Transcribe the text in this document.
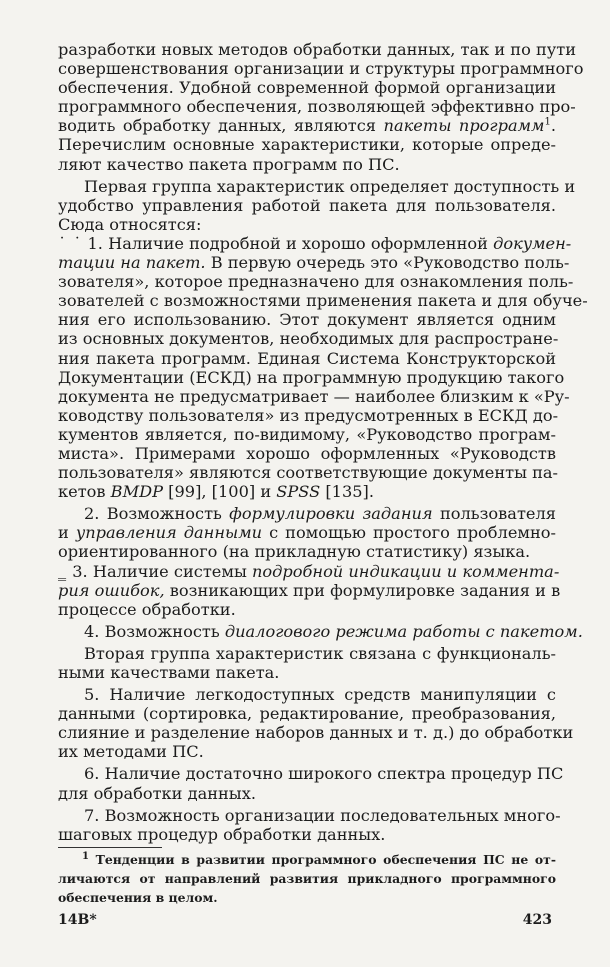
разработки новых методов обработки данных, так и по пути
совершенствования организации и структуры программного
обеспечения. Удобной современной формой организации
программного обеспечения, позволяющей эффективно про-
водить обработку данных, являются пакеты программ$^1$.
Перечислим основные характеристики, которые опреде-
ляют качество пакета программ по ПС.
Первая группа характеристик определяет доступность и
удобство управления работой пакета для пользователя.
Сюда относятся:
˙ ˙ 1. Наличие подробной и хорошо оформленной докумен-
тации на пакет. В первую очередь это «Руководство поль-
зователя», которое предназначено для ознакомления поль-
зователей с возможностями применения пакета и для обуче-
ния его использованию. Этот документ является одним
из основных документов, необходимых для распростране-
ния пакета программ. Единая Система Конструкторской
Документации (ЕСКД) на программную продукцию такого
документа не предусматривает — наиболее близким к «Ру-
ководству пользователя» из предусмотренных в ЕСКД до-
кументов является, по-видимому, «Руководство програм-
миста». Примерами хорошо оформленных «Руководств
пользователя» являются соответствующие документы па-
кетов BMDP [99], [100] и SPSS [135].
2. Возможность формулировки задания пользователя
и управления данными с помощью простого проблемно-
ориентированного (на прикладную статистику) языка.
‗ 3. Наличие системы подробной индикации и коммента-
рия ошибок, возникающих при формулировке задания и в
процессе обработки.
4. Возможность диалогового режима работы с пакетом.
Вторая группа характеристик связана с функциональ-
ными качествами пакета.
5. Наличие легкодоступных средств манипуляции с
данными (сортировка, редактирование, преобразования,
слияние и разделение наборов данных и т. д.) до обработки
их методами ПС.
6. Наличие достаточно широкого спектра процедур ПС
для обработки данных.
7. Возможность организации последовательных много-
шаговых процедур обработки данных.
$^1$ Тенденции в развитии программного обеспечения ПС не от-
личаются от направлений развития прикладного программного
обеспечения в целом.
14В*	423
